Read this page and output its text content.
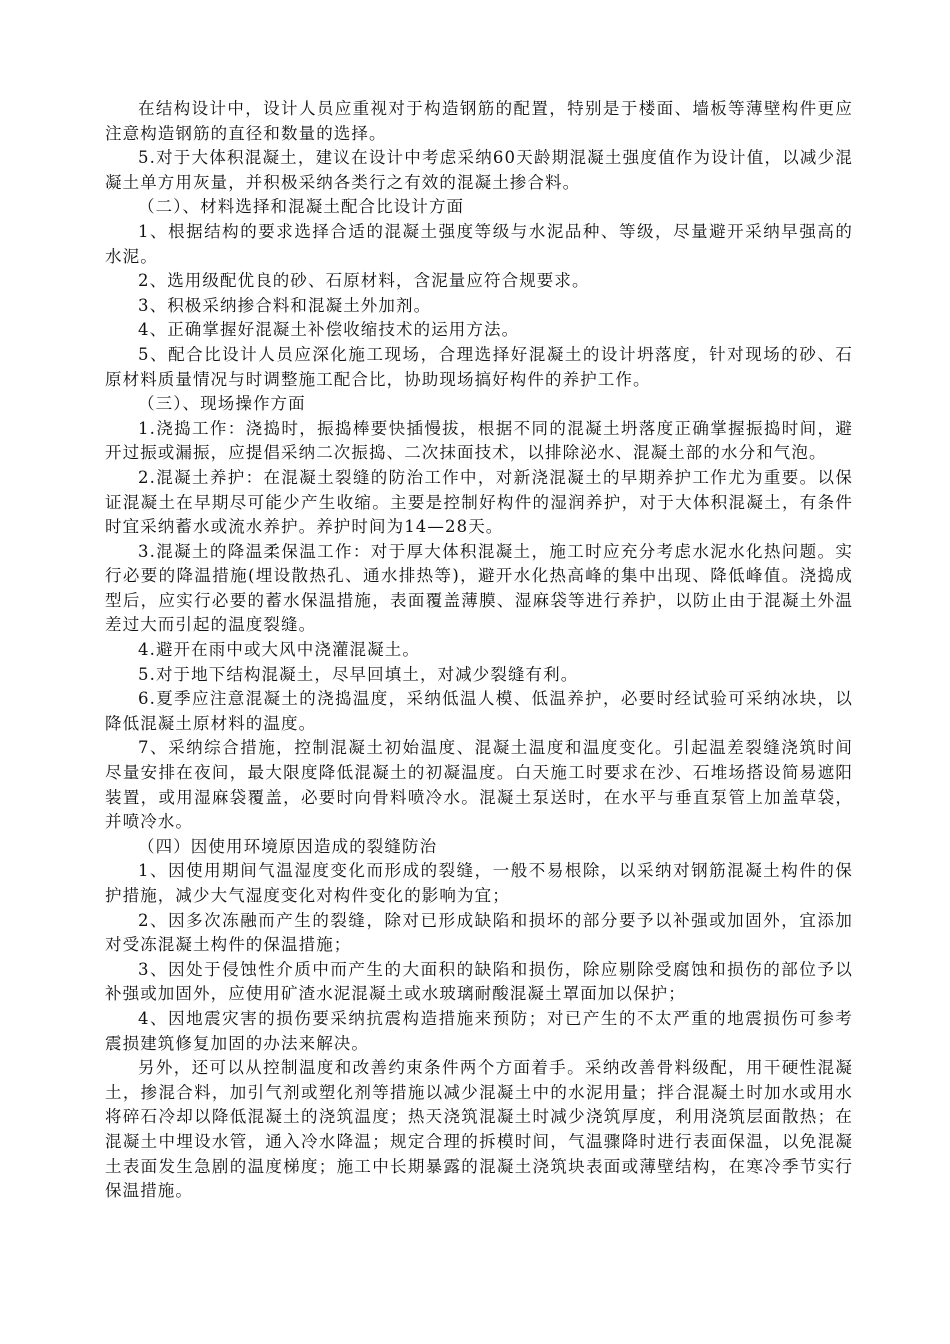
在结构设计中，设计人员应重视对于构造钢筋的配置，特别是于楼面、墙板等薄壁构件更应注意构造钢筋的直径和数量的选择。

5.对于大体积混凝土，建议在设计中考虑采纳60天龄期混凝土强度值作为设计值，以减少混凝土单方用灰量，并积极采纳各类行之有效的混凝土掺合料。

（二）、材料选择和混凝土配合比设计方面

1、根据结构的要求选择合适的混凝土强度等级与水泥品种、等级，尽量避开采纳早强高的水泥。

2、选用级配优良的砂、石原材料，含泥量应符合规要求。

3、积极采纳掺合料和混凝土外加剂。

4、正确掌握好混凝土补偿收缩技术的运用方法。

5、配合比设计人员应深化施工现场，合理选择好混凝土的设计坍落度，针对现场的砂、石原材料质量情况与时调整施工配合比，协助现场搞好构件的养护工作。

（三）、现场操作方面

1.浇捣工作：浇捣时，振捣棒要快插慢拔，根据不同的混凝土坍落度正确掌握振捣时间，避开过振或漏振，应提倡采纳二次振捣、二次抹面技术，以排除泌水、混凝土部的水分和气泡。

2.混凝土养护：在混凝土裂缝的防治工作中，对新浇混凝土的早期养护工作尤为重要。以保证混凝土在早期尽可能少产生收缩。主要是控制好构件的湿润养护，对于大体积混凝土，有条件时宜采纳蓄水或流水养护。养护时间为14—28天。

3.混凝土的降温柔保温工作：对于厚大体积混凝土，施工时应充分考虑水泥水化热问题。实行必要的降温措施(埋设散热孔、通水排热等)，避开水化热高峰的集中出现、降低峰值。浇捣成型后，应实行必要的蓄水保温措施，表面覆盖薄膜、湿麻袋等进行养护，以防止由于混凝土外温差过大而引起的温度裂缝。

4.避开在雨中或大风中浇灌混凝土。

5.对于地下结构混凝土，尽早回填土，对减少裂缝有利。

6.夏季应注意混凝土的浇捣温度，采纳低温人模、低温养护，必要时经试验可采纳冰块，以降低混凝土原材料的温度。

7、采纳综合措施，控制混凝土初始温度、混凝土温度和温度变化。引起温差裂缝浇筑时间尽量安排在夜间，最大限度降低混凝土的初凝温度。白天施工时要求在沙、石堆场搭设简易遮阳装置，或用湿麻袋覆盖，必要时向骨料喷冷水。混凝土泵送时，在水平与垂直泵管上加盖草袋，并喷冷水。

（四）因使用环境原因造成的裂缝防治

1、因使用期间气温湿度变化而形成的裂缝，一般不易根除，以采纳对钢筋混凝土构件的保护措施，减少大气湿度变化对构件变化的影响为宜；

2、因多次冻融而产生的裂缝，除对已形成缺陷和损坏的部分要予以补强或加固外，宜添加对受冻混凝土构件的保温措施；

3、因处于侵蚀性介质中而产生的大面积的缺陷和损伤，除应剔除受腐蚀和损伤的部位予以补强或加固外，应使用矿渣水泥混凝土或水玻璃耐酸混凝土罩面加以保护；

4、因地震灾害的损伤要采纳抗震构造措施来预防；对已产生的不太严重的地震损伤可参考震损建筑修复加固的办法来解决。

另外，还可以从控制温度和改善约束条件两个方面着手。采纳改善骨料级配，用干硬性混凝土，掺混合料，加引气剂或塑化剂等措施以减少混凝土中的水泥用量；拌合混凝土时加水或用水将碎石冷却以降低混凝土的浇筑温度；热天浇筑混凝土时减少浇筑厚度，利用浇筑层面散热；在混凝土中埋设水管，通入冷水降温；规定合理的拆模时间，气温骤降时进行表面保温，以免混凝土表面发生急剧的温度梯度；施工中长期暴露的混凝土浇筑块表面或薄壁结构，在寒冷季节实行保温措施。
